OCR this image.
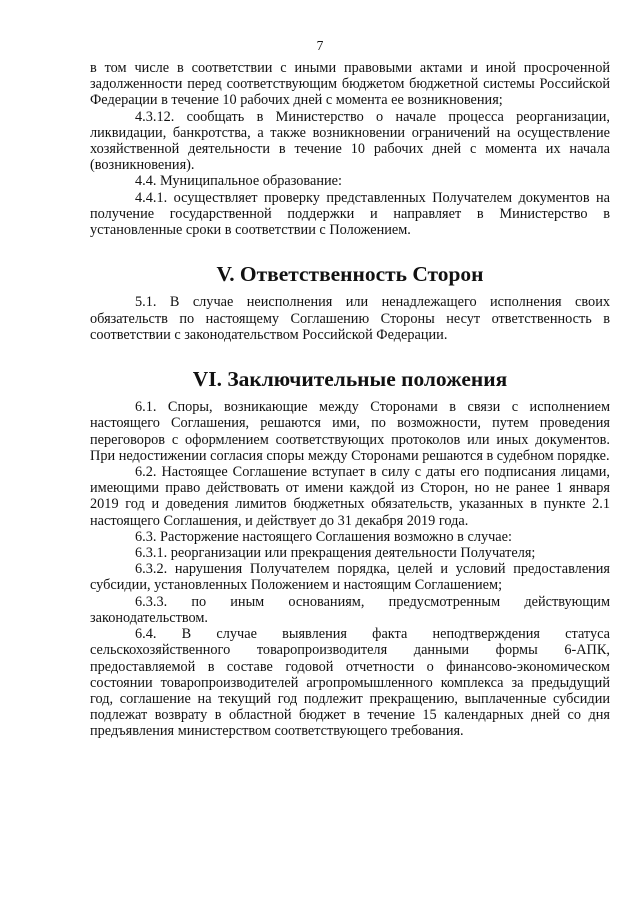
7

в том числе в соответствии с иными правовыми актами и иной просроченной задолженности перед соответствующим бюджетом бюджетной системы Российской Федерации в течение 10 рабочих дней с момента ее возникновения;

4.3.12. сообщать в Министерство о начале процесса реорганизации, ликвидации, банкротства, а также возникновении ограничений на осуществление хозяйственной деятельности в течение 10 рабочих дней с момента их начала (возникновения).

4.4. Муниципальное образование:

4.4.1. осуществляет проверку представленных Получателем документов на получение государственной поддержки и направляет в Министерство в установленные сроки в соответствии с Положением.

V. Ответственность Сторон

5.1. В случае неисполнения или ненадлежащего исполнения своих обязательств по настоящему Соглашению Стороны несут ответственность в соответствии с законодательством Российской Федерации.

VI. Заключительные положения

6.1. Споры, возникающие между Сторонами в связи с исполнением настоящего Соглашения, решаются ими, по возможности, путем проведения переговоров с оформлением соответствующих протоколов или иных документов. При недостижении согласия споры между Сторонами решаются в судебном порядке.

6.2. Настоящее Соглашение вступает в силу с даты его подписания лицами, имеющими право действовать от имени каждой из Сторон, но не ранее 1 января 2019 год и доведения лимитов бюджетных обязательств, указанных в пункте 2.1 настоящего Соглашения, и действует до 31 декабря 2019 года.

6.3. Расторжение настоящего Соглашения возможно в случае:

6.3.1. реорганизации или прекращения деятельности Получателя;

6.3.2. нарушения Получателем порядка, целей и условий предоставления субсидии, установленных Положением и настоящим Соглашением;

6.3.3. по иным основаниям, предусмотренным действующим законодательством.

6.4. В случае выявления факта неподтверждения статуса сельскохозяйственного товаропроизводителя данными формы 6-АПК, предоставляемой в составе годовой отчетности о финансово-экономическом состоянии товаропроизводителей агропромышленного комплекса за предыдущий год, соглашение на текущий год подлежит прекращению, выплаченные субсидии подлежат возврату в областной бюджет в течение 15 календарных дней со дня предъявления министерством соответствующего требования.
